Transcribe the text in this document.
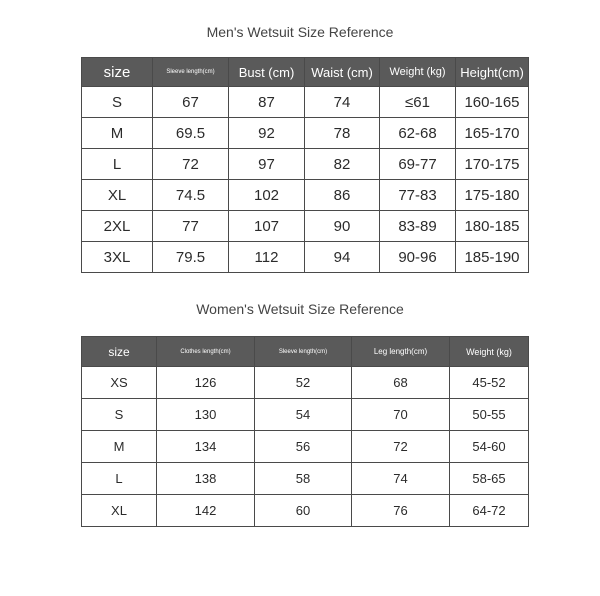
Men's Wetsuit Size Reference
size	Sleeve length(cm)	Bust (cm)	Waist (cm)	Weight (kg)	Height(cm)
S	67	87	74	≤61	160-165
M	69.5	92	78	62-68	165-170
L	72	97	82	69-77	170-175
XL	74.5	102	86	77-83	175-180
2XL	77	107	90	83-89	180-185
3XL	79.5	112	94	90-96	185-190
Women's Wetsuit Size Reference
size	Clothes length(cm)	Sleeve length(cm)	Leg length(cm)	Weight (kg)
XS	126	52	68	45-52
S	130	54	70	50-55
M	134	56	72	54-60
L	138	58	74	58-65
XL	142	60	76	64-72
